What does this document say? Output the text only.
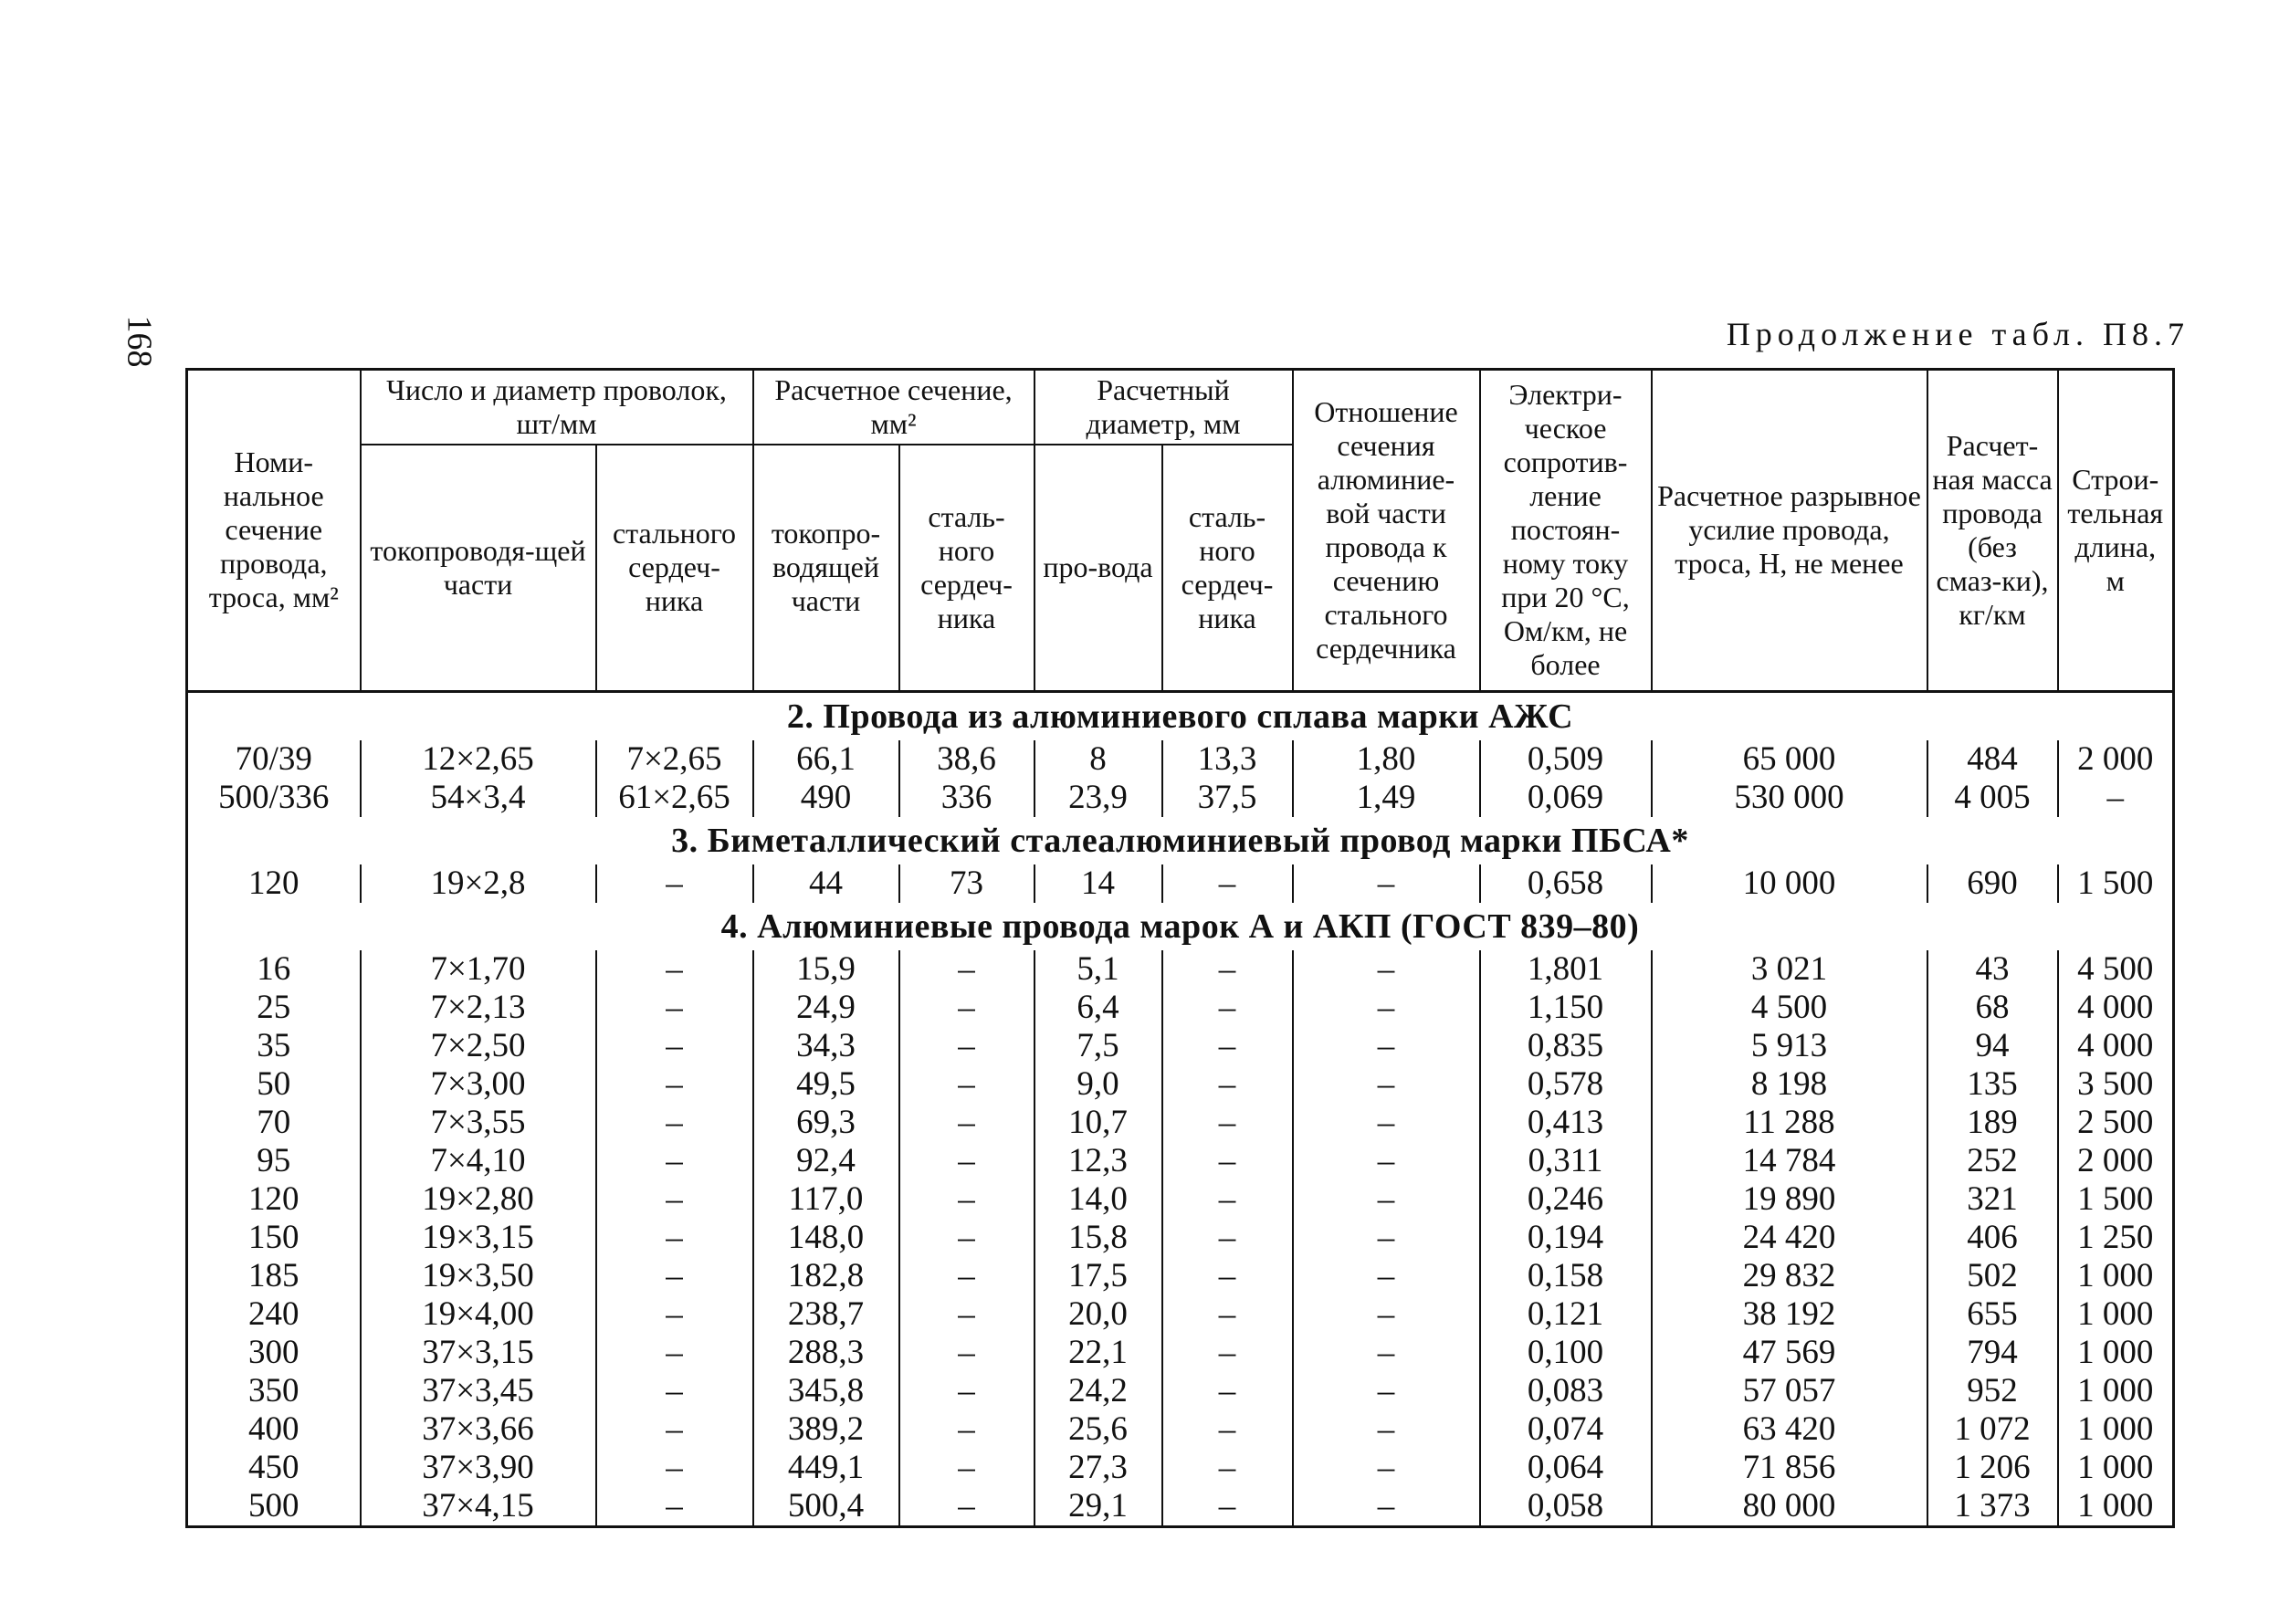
168	Продолжение табл. П8.7
Номи-нальное сечение провода, троса, мм²	Число и диаметр проволок, шт/мм		Расчетное сечение, мм²		Расчетный диаметр, мм		Отношение сечения алюминие-вой части провода к сечению стального сердечника	Электри-ческое сопротив-ление постоян-ному току при 20 °С, Ом/км, не более	Расчетное разрывное усилие провода, троса, Н, не менее	Расчет-ная масса провода (без смаз-ки), кг/км	Строи-тельная длина, м
	токопроводя-щей части	стального сердеч-ника	токопро-водящей части	сталь-ного сердеч-ника	про-вода	сталь-ного сердеч-ника					
2. Провода из алюминиевого сплава марки АЖС											
70/39	12×2,65	7×2,65	66,1	38,6	8	13,3	1,80	0,509	65 000	484	2 000
500/336	54×3,4	61×2,65	490	336	23,9	37,5	1,49	0,069	530 000	4 005	–
3. Биметаллический сталеалюминиевый провод марки ПБСА*											
120	19×2,8	–	44	73	14	–	–	0,658	10 000	690	1 500
4. Алюминиевые провода марок А и АКП (ГОСТ 839–80)											
16	7×1,70	–	15,9	–	5,1	–	–	1,801	3 021	43	4 500
25	7×2,13	–	24,9	–	6,4	–	–	1,150	4 500	68	4 000
35	7×2,50	–	34,3	–	7,5	–	–	0,835	5 913	94	4 000
50	7×3,00	–	49,5	–	9,0	–	–	0,578	8 198	135	3 500
70	7×3,55	–	69,3	–	10,7	–	–	0,413	11 288	189	2 500
95	7×4,10	–	92,4	–	12,3	–	–	0,311	14 784	252	2 000
120	19×2,80	–	117,0	–	14,0	–	–	0,246	19 890	321	1 500
150	19×3,15	–	148,0	–	15,8	–	–	0,194	24 420	406	1 250
185	19×3,50	–	182,8	–	17,5	–	–	0,158	29 832	502	1 000
240	19×4,00	–	238,7	–	20,0	–	–	0,121	38 192	655	1 000
300	37×3,15	–	288,3	–	22,1	–	–	0,100	47 569	794	1 000
350	37×3,45	–	345,8	–	24,2	–	–	0,083	57 057	952	1 000
400	37×3,66	–	389,2	–	25,6	–	–	0,074	63 420	1 072	1 000
450	37×3,90	–	449,1	–	27,3	–	–	0,064	71 856	1 206	1 000
500	37×4,15	–	500,4	–	29,1	–	–	0,058	80 000	1 373	1 000
